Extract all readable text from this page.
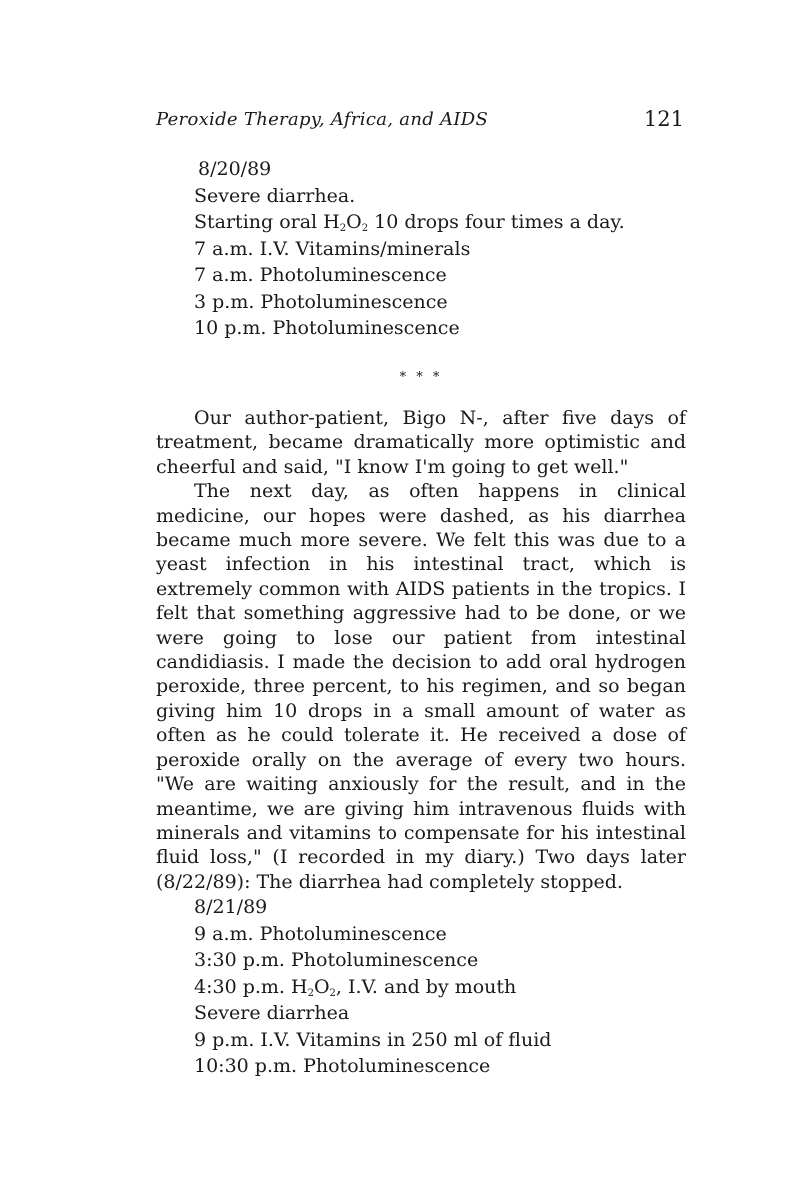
Peroxide Therapy, Africa, and AIDS	121
8/20/89
Severe diarrhea.
Starting oral $H_2O_2$ 10 drops four times a day.
7 a.m. I.V. Vitamins/minerals
7 a.m. Photoluminescence
3 p.m. Photoluminescence
10 p.m. Photoluminescence
* * *

Our author-patient, Bigo N-, after five days of treatment, became dramatically more optimistic and cheerful and said, "I know I'm going to get well."

The next day, as often happens in clinical medicine, our hopes were dashed, as his diarrhea became much more severe. We felt this was due to a yeast infection in his intestinal tract, which is extremely common with AIDS patients in the tropics. I felt that something aggressive had to be done, or we were going to lose our patient from intestinal candidiasis. I made the decision to add oral hydrogen peroxide, three percent, to his regimen, and so began giving him 10 drops in a small amount of water as often as he could tolerate it. He received a dose of peroxide orally on the average of every two hours. "We are waiting anxiously for the result, and in the meantime, we are giving him intravenous fluids with minerals and vitamins to compensate for his intestinal fluid loss," (I recorded in my diary.) Two days later (8/22/89): The diarrhea had completely stopped.

8/21/89
9 a.m. Photoluminescence
3:30 p.m. Photoluminescence
4:30 p.m. $H_2O_2$, I.V. and by mouth
Severe diarrhea
9 p.m. I.V. Vitamins in 250 ml of fluid
10:30 p.m. Photoluminescence
